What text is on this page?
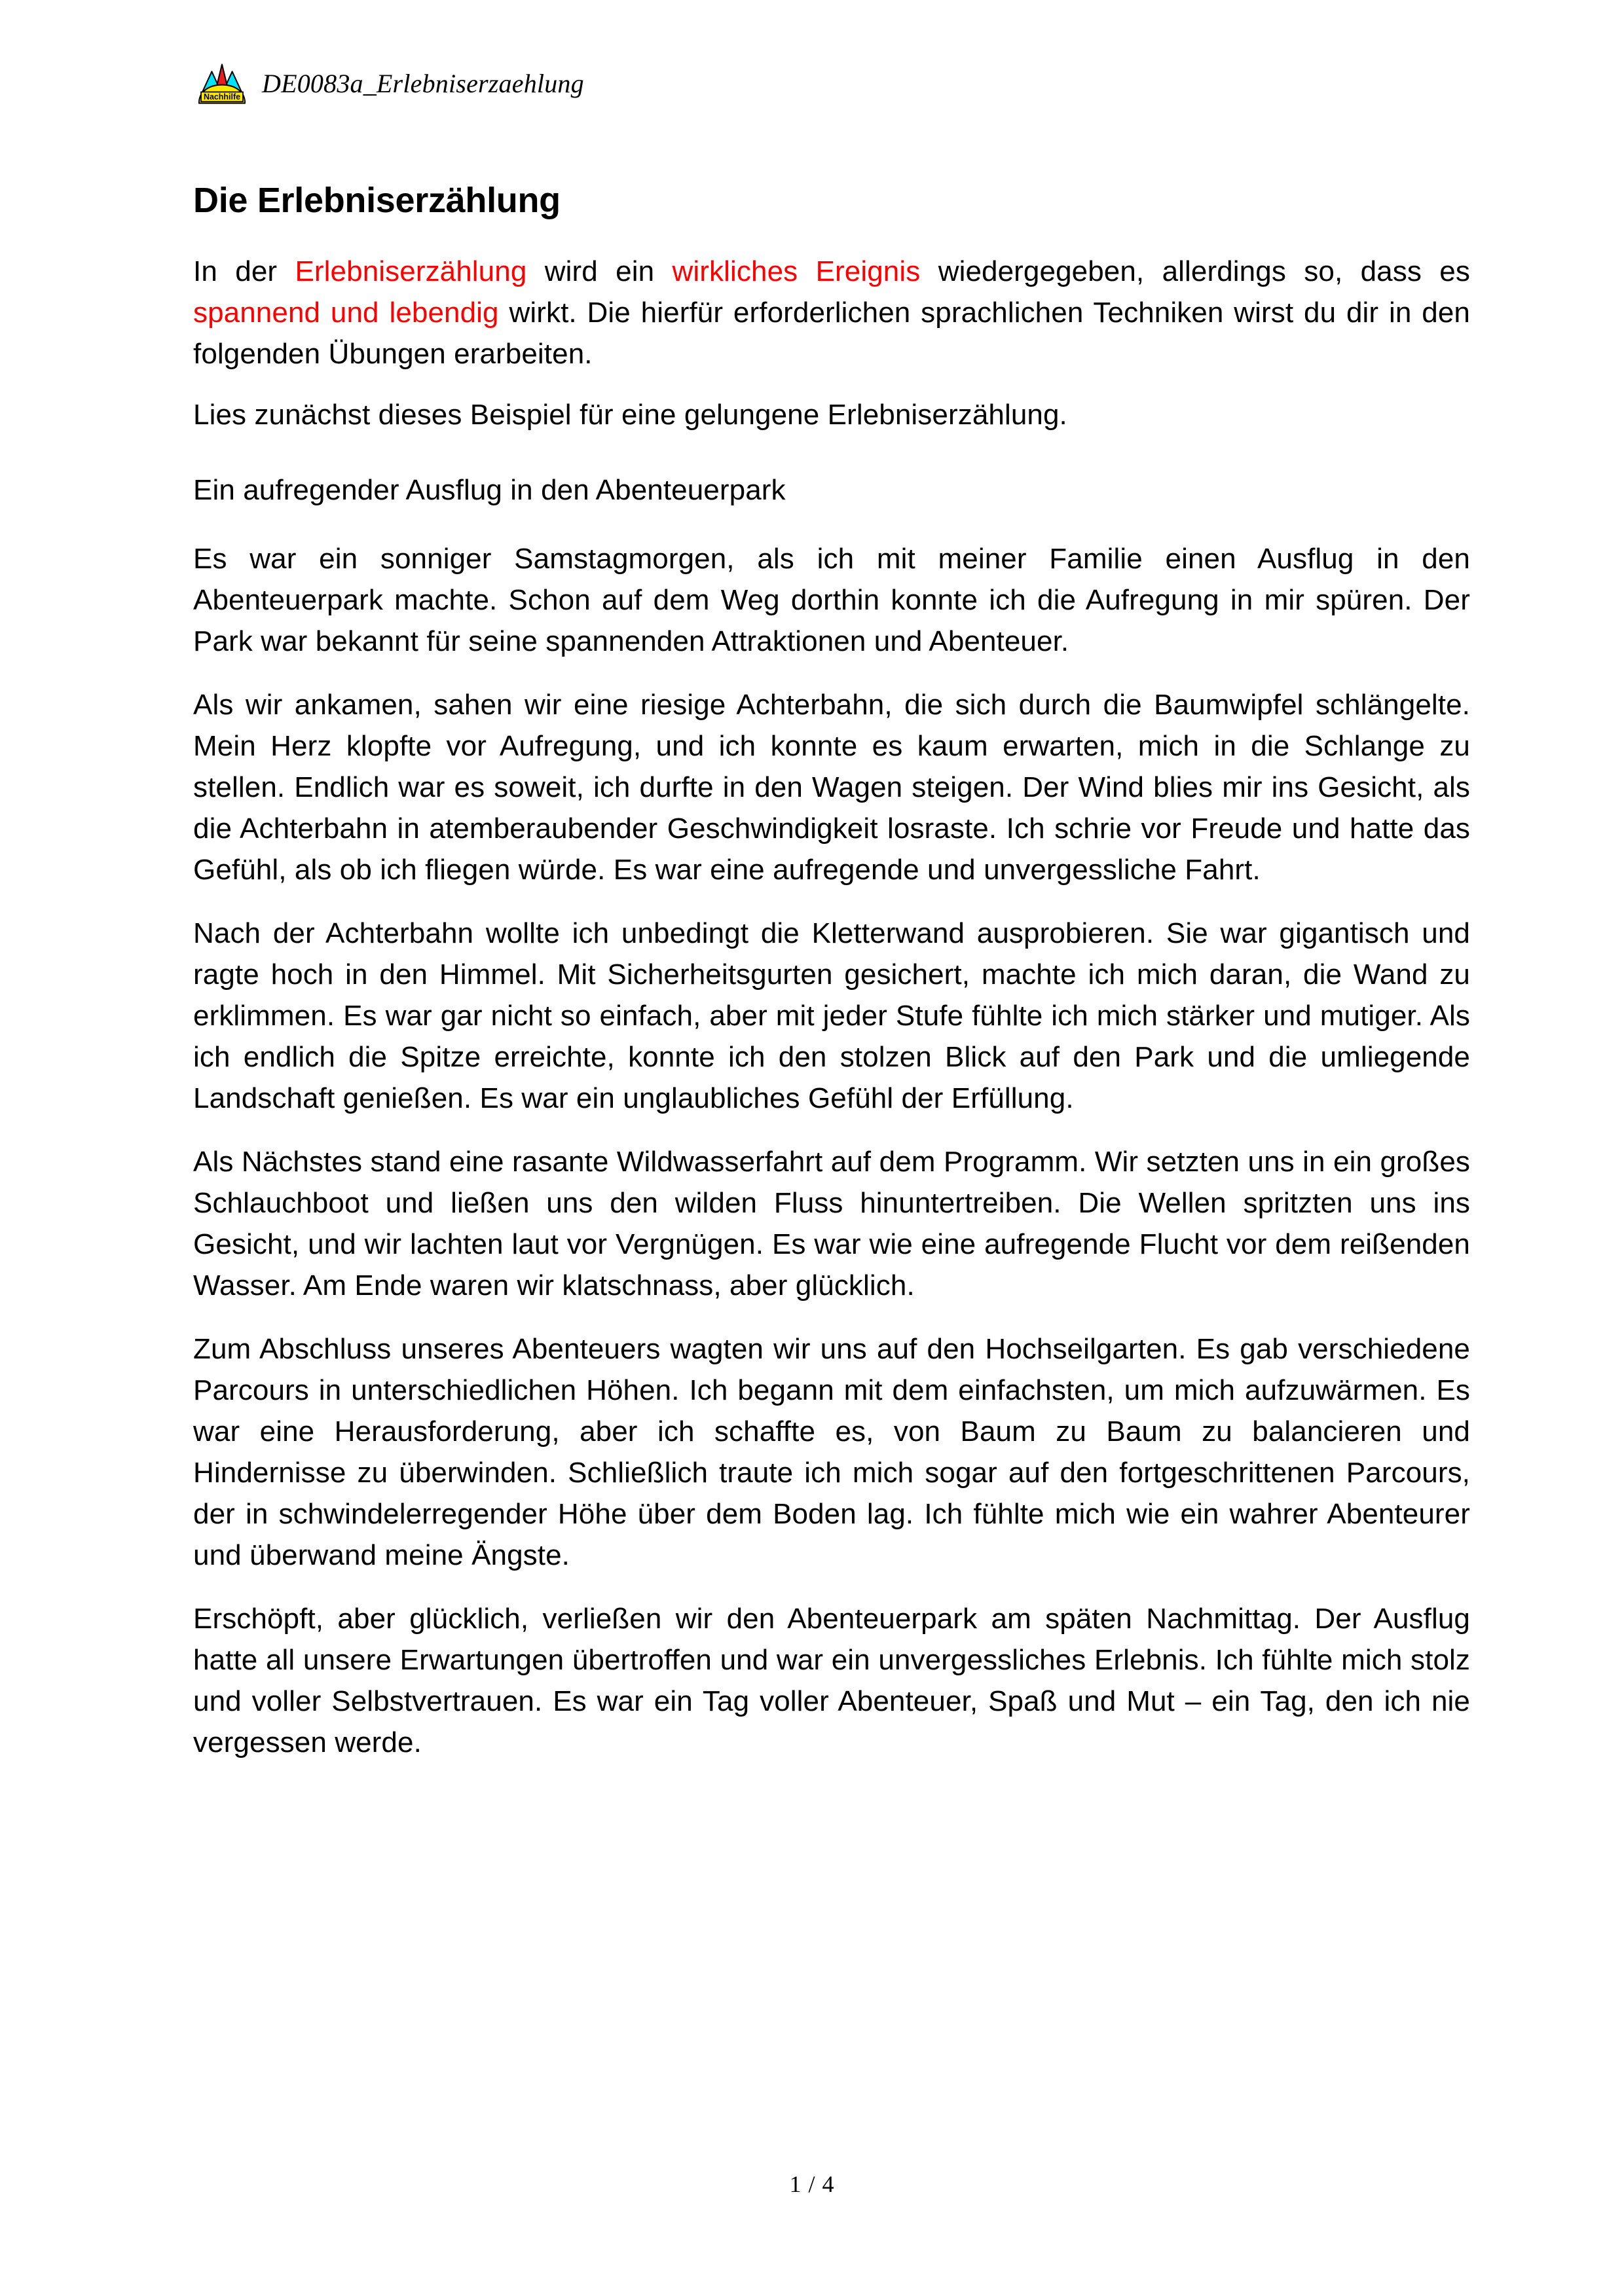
Nachhilfe DE0083a_Erlebniserzaehlung
Die Erlebniserzählung

In der Erlebniserzählung wird ein wirkliches Ereignis wiedergegeben, allerdings so, dass es spannend und lebendig wirkt. Die hierfür erforderlichen sprachlichen Techniken wirst du dir in den folgenden Übungen erarbeiten.

Lies zunächst dieses Beispiel für eine gelungene Erlebniserzählung.

Ein aufregender Ausflug in den Abenteuerpark

Es war ein sonniger Samstagmorgen, als ich mit meiner Familie einen Ausflug in den Abenteuerpark machte. Schon auf dem Weg dorthin konnte ich die Aufregung in mir spüren. Der Park war bekannt für seine spannenden Attraktionen und Abenteuer.

Als wir ankamen, sahen wir eine riesige Achterbahn, die sich durch die Baumwipfel schlängelte. Mein Herz klopfte vor Aufregung, und ich konnte es kaum erwarten, mich in die Schlange zu stellen. Endlich war es soweit, ich durfte in den Wagen steigen. Der Wind blies mir ins Gesicht, als die Achterbahn in atemberaubender Geschwindigkeit losraste. Ich schrie vor Freude und hatte das Gefühl, als ob ich fliegen würde. Es war eine aufregende und unvergessliche Fahrt.

Nach der Achterbahn wollte ich unbedingt die Kletterwand ausprobieren. Sie war gigantisch und ragte hoch in den Himmel. Mit Sicherheitsgurten gesichert, machte ich mich daran, die Wand zu erklimmen. Es war gar nicht so einfach, aber mit jeder Stufe fühlte ich mich stärker und mutiger. Als ich endlich die Spitze erreichte, konnte ich den stolzen Blick auf den Park und die umliegende Landschaft genießen. Es war ein unglaubliches Gefühl der Erfüllung.

Als Nächstes stand eine rasante Wildwasserfahrt auf dem Programm. Wir setzten uns in ein großes Schlauchboot und ließen uns den wilden Fluss hinuntertreiben. Die Wellen spritzten uns ins Gesicht, und wir lachten laut vor Vergnügen. Es war wie eine aufregende Flucht vor dem reißenden Wasser. Am Ende waren wir klatschnass, aber glücklich.

Zum Abschluss unseres Abenteuers wagten wir uns auf den Hochseilgarten. Es gab verschiedene Parcours in unterschiedlichen Höhen. Ich begann mit dem einfachsten, um mich aufzuwärmen. Es war eine Herausforderung, aber ich schaffte es, von Baum zu Baum zu balancieren und Hindernisse zu überwinden. Schließlich traute ich mich sogar auf den fortgeschrittenen Parcours, der in schwindelerregender Höhe über dem Boden lag. Ich fühlte mich wie ein wahrer Abenteurer und überwand meine Ängste.

Erschöpft, aber glücklich, verließen wir den Abenteuerpark am späten Nachmittag. Der Ausflug hatte all unsere Erwartungen übertroffen und war ein unvergessliches Erlebnis. Ich fühlte mich stolz und voller Selbstvertrauen. Es war ein Tag voller Abenteuer, Spaß und Mut – ein Tag, den ich nie vergessen werde.

1 / 4
